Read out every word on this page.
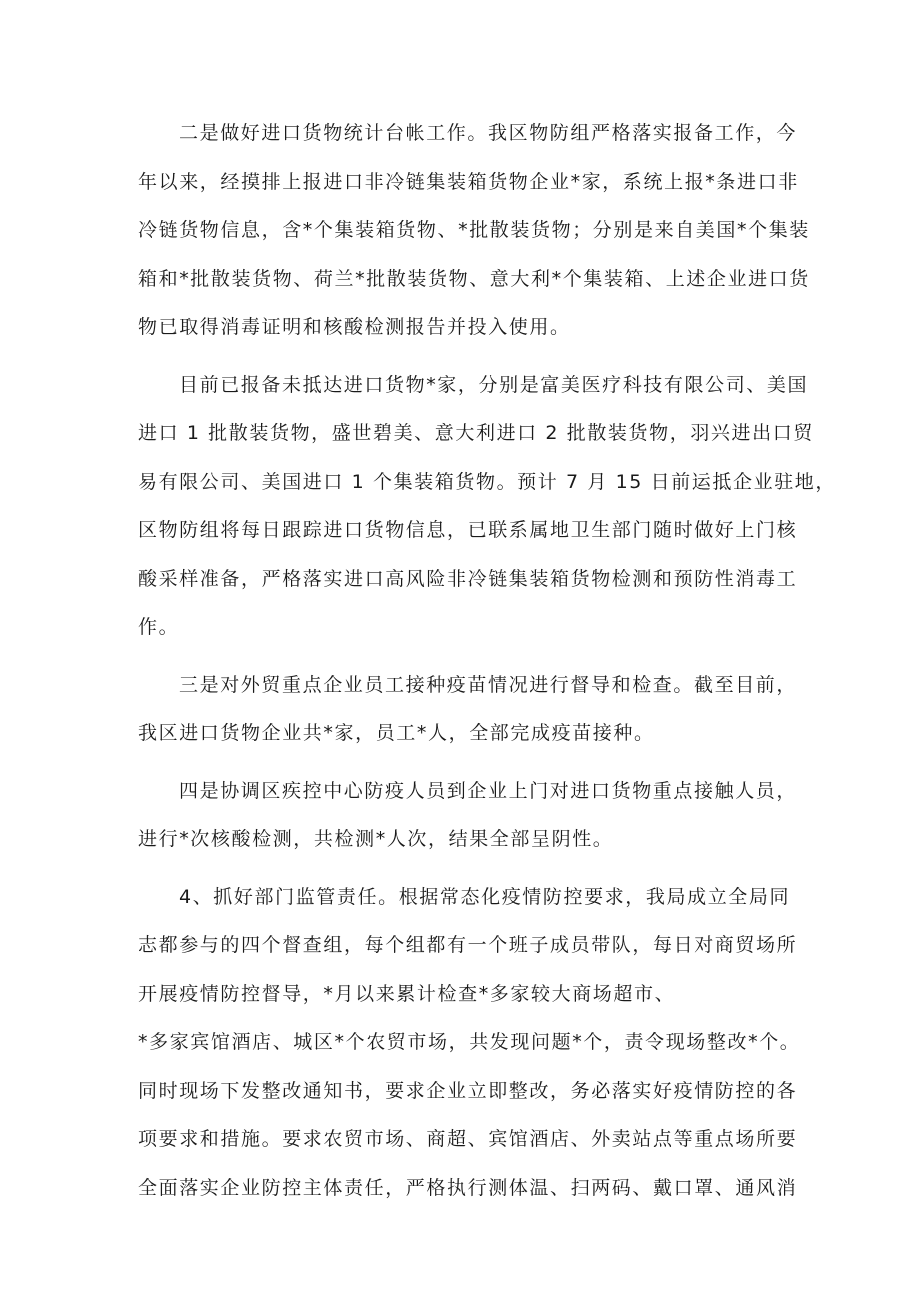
二是做好进口货物统计台帐工作。我区物防组严格落实报备工作，今
年以来，经摸排上报进口非冷链集装箱货物企业*家，系统上报*条进口非
冷链货物信息，含*个集装箱货物、*批散装货物；分别是来自美国*个集装
箱和*批散装货物、荷兰*批散装货物、意大利*个集装箱、上述企业进口货
物已取得消毒证明和核酸检测报告并投入使用。

目前已报备未抵达进口货物*家，分别是富美医疗科技有限公司、美国
进口 1 批散装货物，盛世碧美、意大利进口 2 批散装货物，羽兴进出口贸
易有限公司、美国进口 1 个集装箱货物。预计 7 月 15 日前运抵企业驻地，
区物防组将每日跟踪进口货物信息，已联系属地卫生部门随时做好上门核
酸采样准备，严格落实进口高风险非冷链集装箱货物检测和预防性消毒工
作。

三是对外贸重点企业员工接种疫苗情况进行督导和检查。截至目前，
我区进口货物企业共*家，员工*人，全部完成疫苗接种。

四是协调区疾控中心防疫人员到企业上门对进口货物重点接触人员，
进行*次核酸检测，共检测*人次，结果全部呈阴性。

4、抓好部门监管责任。根据常态化疫情防控要求，我局成立全局同
志都参与的四个督查组，每个组都有一个班子成员带队，每日对商贸场所
开展疫情防控督导，*月以来累计检查*多家较大商场超市、
*多家宾馆酒店、城区*个农贸市场，共发现问题*个，责令现场整改*个。
同时现场下发整改通知书，要求企业立即整改，务必落实好疫情防控的各
项要求和措施。要求农贸市场、商超、宾馆酒店、外卖站点等重点场所要
全面落实企业防控主体责任，严格执行测体温、扫两码、戴口罩、通风消
